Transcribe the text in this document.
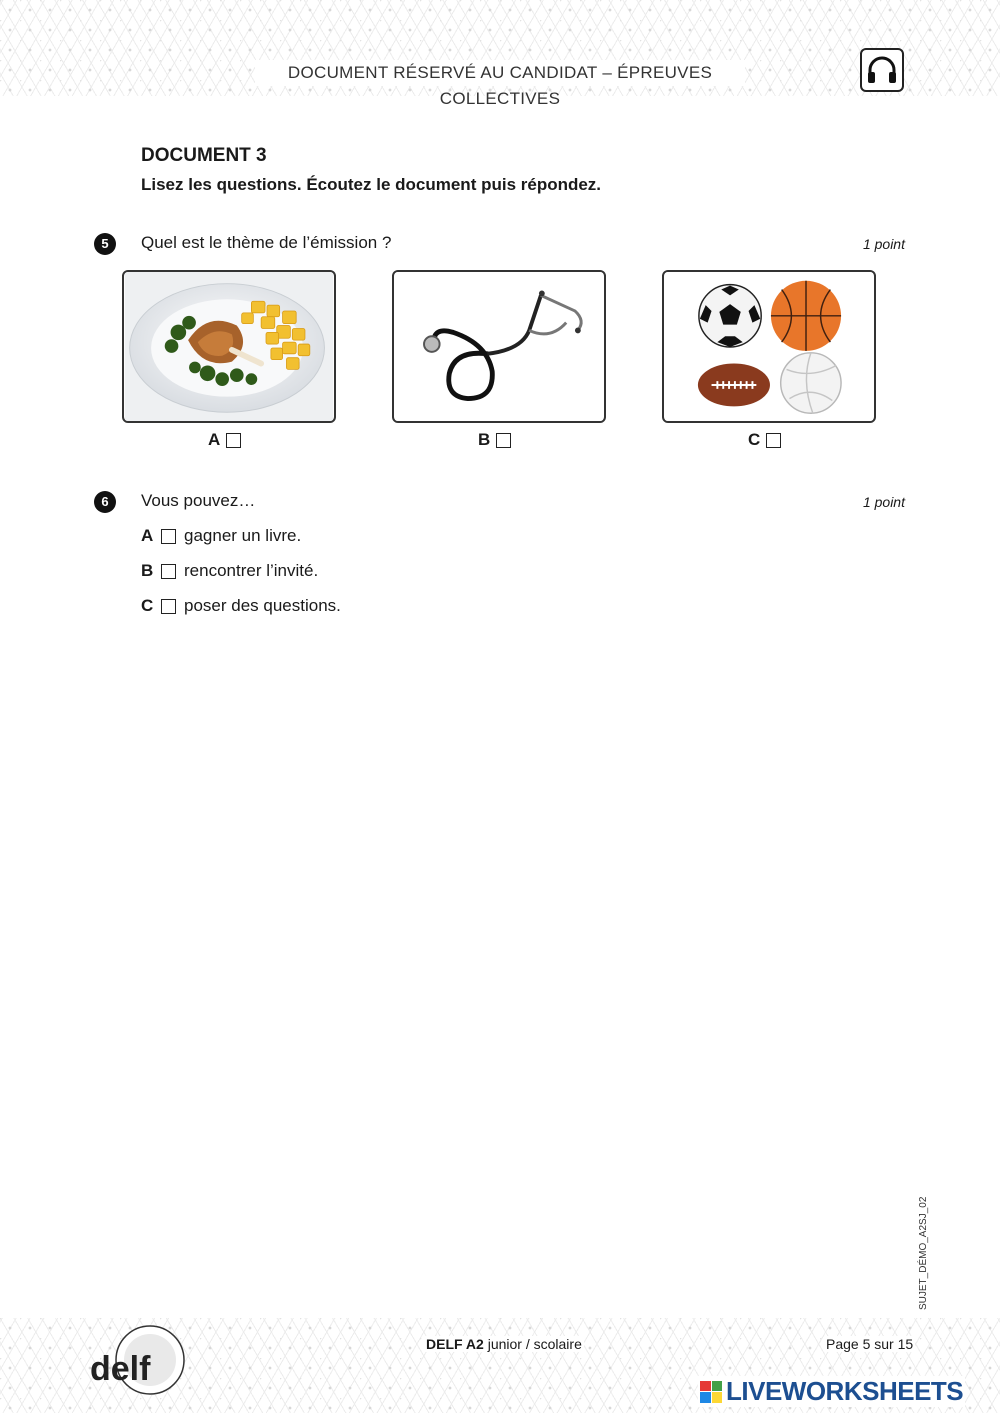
DOCUMENT RÉSERVÉ AU CANDIDAT – ÉPREUVES COLLECTIVES
DOCUMENT 3
Lisez les questions. Écoutez le document puis répondez.
5	Quel est le thème de l’émission ?	1 point
A	B	C
6	Vous pouvez…	1 point
A gagner un livre.
B rencontrer l’invité.
C poser des questions.
SUJET_DÉMO_A2SJ_02
delf
DELF A2 junior / scolaire	Page 5 sur 15
LIVEWORKSHEETS
